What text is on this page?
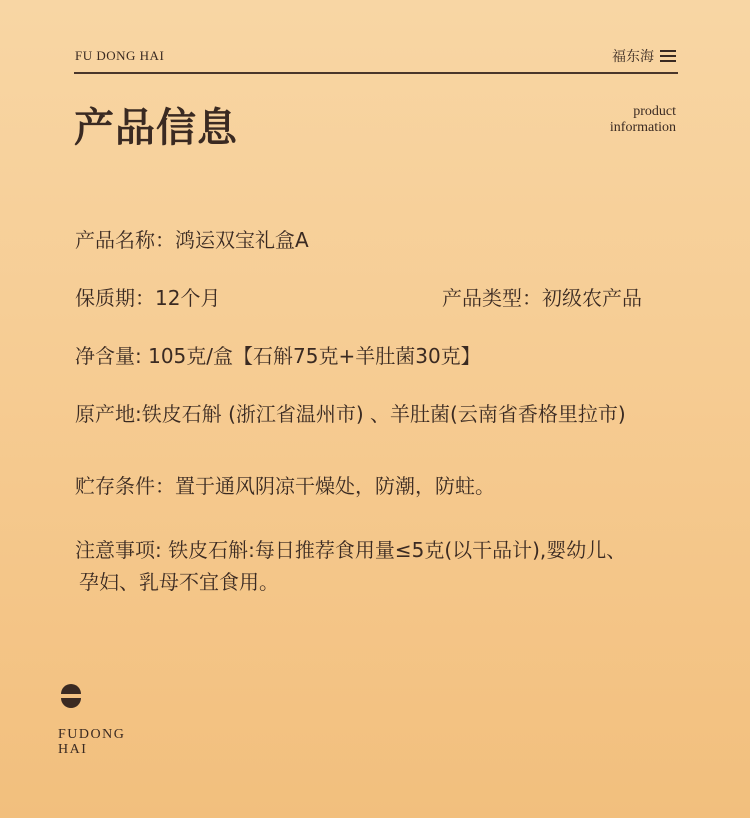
FU DONG HAI	福东海
产品信息	product
information
产品名称：鸿运双宝礼盒A
保质期：12个月	产品类型：初级农产品
净含量: 105克/盒【石斛75克+羊肚菌30克】
原产地:铁皮石斛 (浙江省温州市) 、羊肚菌(云南省香格里拉市)
贮存条件：置于通风阴凉干燥处，防潮，防蛀。
注意事项: 铁皮石斛:每日推荐食用量≤5克(以干品计),婴幼儿、
孕妇、乳母不宜食用。
FUDONG
HAI
